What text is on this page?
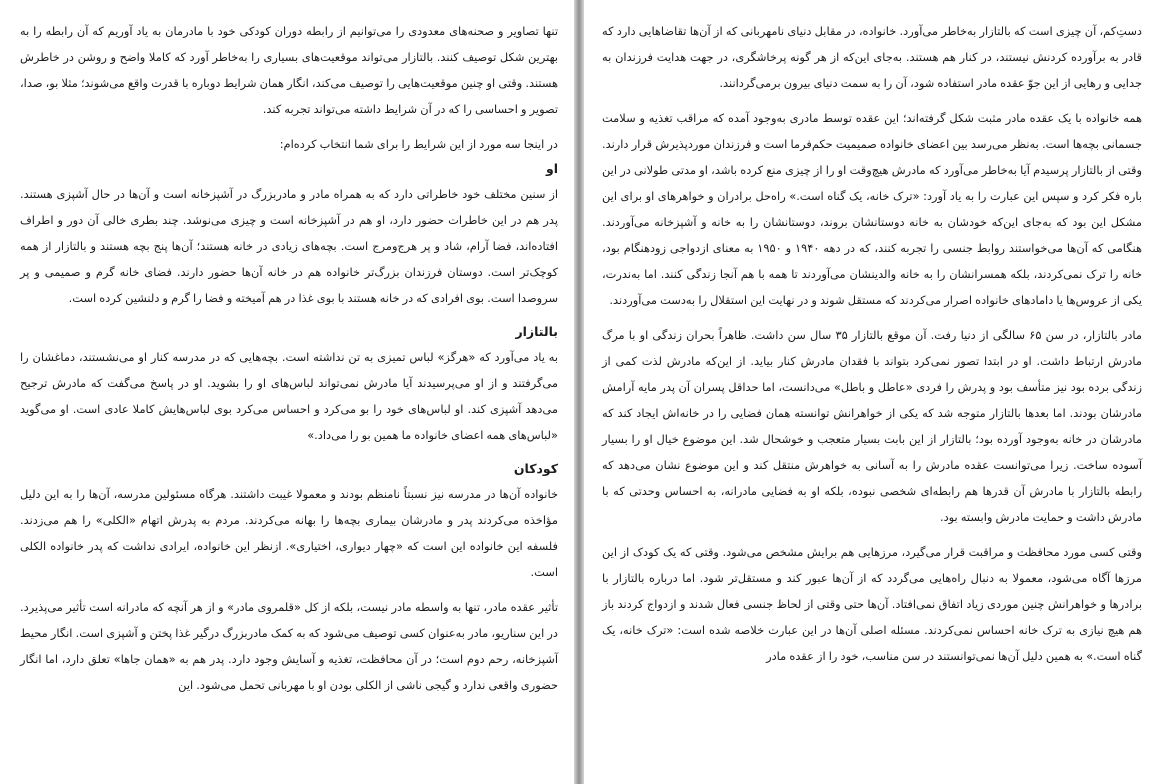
تنها تصاویر و صحنه‌های معدودی را می‌توانیم از رابطه دوران کودکی خود با مادرمان به یاد آوریم که آن رابطه را به بهترین شکل توصیف کنند. بالتازار می‌تواند موقعیت‌های بسیاری را به‌خاطر آورد که کاملا واضح و روشن در خاطرش هستند. وقتی او چنین موقعیت‌هایی را توصیف می‌کند، انگار همان شرایط دوباره با قدرت واقع می‌شوند؛ مثلا بو، صدا، تصویر و احساسی را که در آن شرایط داشته می‌تواند تجربه کند.

در اینجا سه مورد از این شرایط را برای شما انتخاب کرده‌ام:

او

از سنین مختلف خود خاطراتی دارد که به همراه مادر و مادربزرگ در آشپزخانه است و آن‌ها در حال آشپزی هستند. پدر هم در این خاطرات حضور دارد، او هم در آشپزخانه است و چیزی می‌نوشد. چند بطری خالی آن دور و اطراف افتاده‌اند، فضا آرام، شاد و پر هرج‌ومرج است. بچه‌های زیادی در خانه هستند؛ آن‌ها پنج بچه هستند و بالتازار از همه کوچک‌تر است. دوستان فرزندان بزرگ‌تر خانواده هم در خانه آن‌ها حضور دارند. فضای خانه گرم و صمیمی و پر سروصدا است. بوی افرادی که در خانه هستند با بوی غذا در هم آمیخته و فضا را گرم و دلنشین کرده است.

بالتازار

به یاد می‌آورد که «هرگز» لباس تمیزی به تن نداشته است. بچه‌هایی که در مدرسه کنار او می‌نشستند، دماغشان را می‌گرفتند و از او می‌پرسیدند آیا مادرش نمی‌تواند لباس‌های او را بشوید. او در پاسخ می‌گفت که مادرش ترجیح می‌دهد آشپزی کند. او لباس‌های خود را بو می‌کرد و احساس می‌کرد بوی لباس‌هایش کاملا عادی است. او می‌گوید «لباس‌های همه اعضای خانواده ما همین بو را می‌داد.»

کودکان

خانواده آن‌ها در مدرسه نیز نسبتاً نامنظم بودند و معمولا غیبت داشتند. هرگاه مسئولین مدرسه، آن‌ها را به این دلیل مؤاخذه می‌کردند پدر و مادرشان بیماری بچه‌ها را بهانه می‌کردند. مردم به پدرش اتهام «الکلی» را هم می‌زدند. فلسفه این خانواده این است که «چهار دیواری، اختیاری». ازنظر این خانواده، ایرادی نداشت که پدر خانواده الکلی است.

تأثیر عقده مادر، تنها به واسطه مادر نیست، بلکه از کل «قلمروی مادر» و از هر آنچه که مادرانه است تأثیر می‌پذیرد. در این سناریو، مادر به‌عنوان کسی توصیف می‌شود که به کمک مادربزرگ درگیر غذا پختن و آشپزی است. انگار محیط آشپزخانه، رحم دوم است؛ در آن محافظت، تغذیه و آسایش وجود دارد. پدر هم به «همان جاها» تعلق دارد، اما انگار حضوری واقعی ندارد و گیجی ناشی از الکلی بودن او با مهربانی تحمل می‌شود. این

دستِ‌کم، آن چیزی است که بالتازار به‌خاطر می‌آورد. خانواده، در مقابل دنیای نامهربانی که از آن‌ها تقاضاهایی دارد که قادر به برآورده کردنش نیستند، در کنار هم هستند. به‌جای این‌که از هر گونه پرخاشگری، در جهت هدایت فرزندان به جدایی و رهایی از این جوّ عقده مادر استفاده شود، آن را به سمت دنیای بیرون برمی‌گردانند.

همه خانواده با یک عقده مادر مثبت شکل گرفته‌اند؛ این عقده توسط مادری به‌وجود آمده که مراقب تغذیه و سلامت جسمانی بچه‌ها است. به‌نظر می‌رسد بین اعضای خانواده صمیمیت حکم‌فرما است و فرزندان موردپذیرش قرار دارند. وقتی از بالتازار پرسیدم آیا به‌خاطر می‌آورد که مادرش هیچ‌وقت او را از چیزی منع کرده باشد، او مدتی طولانی در این باره فکر کرد و سپس این عبارت را به یاد آورد: «ترک خانه، یک گناه است.» راه‌حل برادران و خواهرهای او برای این مشکل این بود که به‌جای این‌که خودشان به خانه دوستانشان بروند، دوستانشان را به خانه و آشپزخانه می‌آوردند. هنگامی که آن‌ها می‌خواستند روابط جنسی را تجربه کنند، که در دهه ۱۹۴۰ و ۱۹۵۰ به معنای ازدواجی زودهنگام بود، خانه را ترک نمی‌کردند، بلکه همسرانشان را به خانه والدینشان می‌آوردند تا همه با هم آنجا زندگی کنند. اما به‌ندرت، یکی از عروس‌ها یا دامادهای خانواده اصرار می‌کردند که مستقل شوند و در نهایت این استقلال را به‌دست می‌آوردند.

مادر بالتازار، در سن ۶۵ سالگی از دنیا رفت. آن موقع بالتازار ۳۵ سال سن داشت. ظاهراً بحران زندگی او با مرگ مادرش ارتباط داشت. او در ابتدا تصور نمی‌کرد بتواند با فقدان مادرش کنار بیاید. از این‌که مادرش لذت کمی از زندگی برده بود نیز متأسف بود و پدرش را فردی «عاطل و باطل» می‌دانست، اما حداقل پسران آن پدر مایه آرامش مادرشان بودند. اما بعدها بالتازار متوجه شد که یکی از خواهرانش توانسته همان فضایی را در خانه‌اش ایجاد کند که مادرشان در خانه به‌وجود آورده بود؛ بالتازار از این بابت بسیار متعجب و خوشحال شد. این موضوع خیال او را بسیار آسوده ساخت. زیرا می‌توانست عقده مادرش را به آسانی به خواهرش منتقل کند و این موضوع نشان می‌دهد که رابطه بالتازار با مادرش آن قدرها هم رابطه‌ای شخصی نبوده، بلکه او به فضایی مادرانه، به احساس وحدتی که با مادرش داشت و حمایت مادرش وابسته بود.

وقتی کسی مورد محافظت و مراقبت قرار می‌گیرد، مرزهایی هم برایش مشخص می‌شود. وقتی که یک کودک از این مرزها آگاه می‌شود، معمولا به دنبال راه‌هایی می‌گردد که از آن‌ها عبور کند و مستقل‌تر شود. اما درباره بالتازار با برادرها و خواهرانش چنین موردی زیاد اتفاق نمی‌افتاد. آن‌ها حتی وقتی از لحاظ جنسی فعال شدند و ازدواج کردند باز هم هیچ نیازی به ترک خانه احساس نمی‌کردند. مسئله اصلی آن‌ها در این عبارت خلاصه شده است: «ترک خانه، یک گناه است.» به همین دلیل آن‌ها نمی‌توانستند در سن مناسب، خود را از عقده مادر
